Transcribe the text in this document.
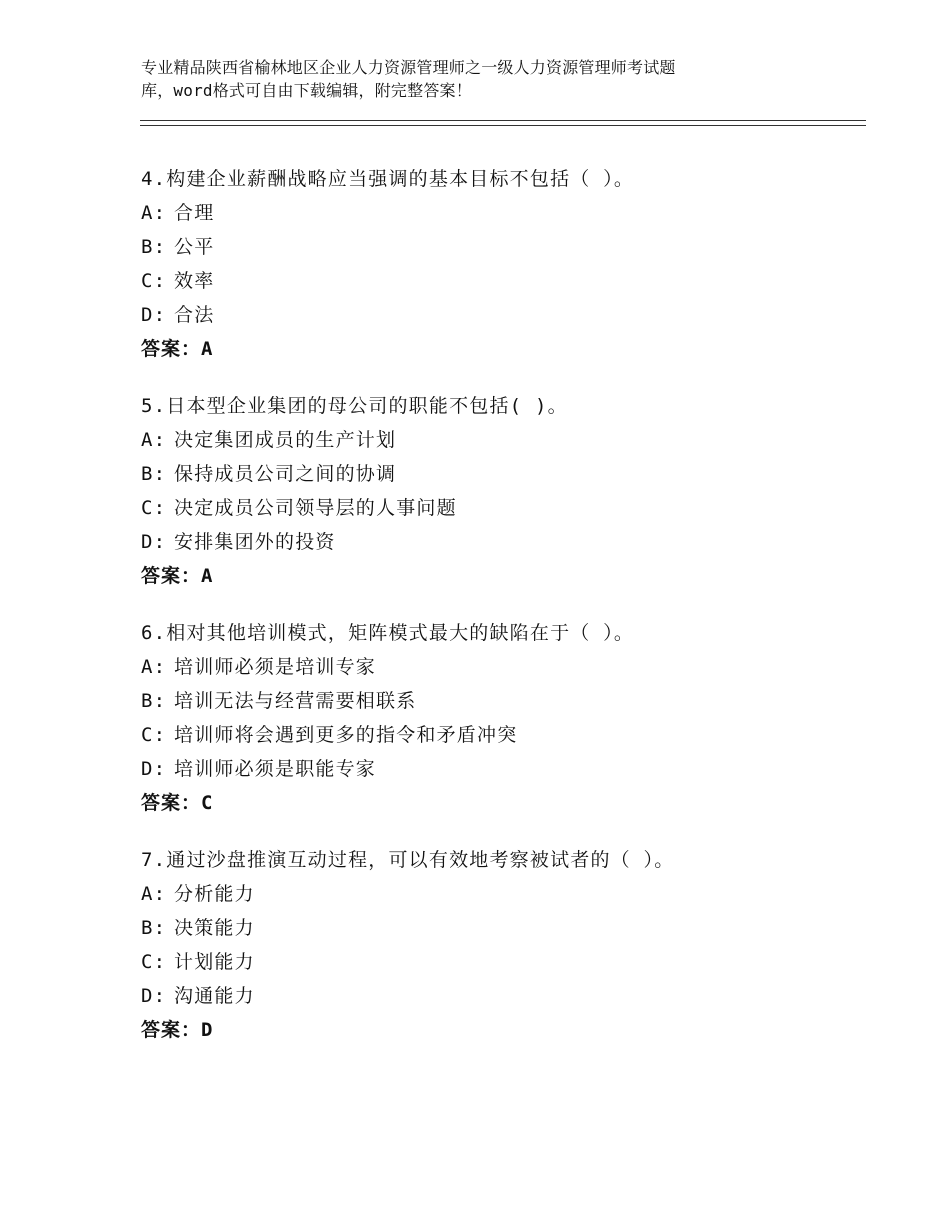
专业精品陕西省榆林地区企业人力资源管理师之一级人力资源管理师考试题
库，word格式可自由下载编辑，附完整答案！
4.构建企业薪酬战略应当强调的基本目标不包括（ ）。
A: 合理
B: 公平
C: 效率
D: 合法
答案：A
5.日本型企业集团的母公司的职能不包括( )。
A: 决定集团成员的生产计划
B: 保持成员公司之间的协调
C: 决定成员公司领导层的人事问题
D: 安排集团外的投资
答案：A
6.相对其他培训模式，矩阵模式最大的缺陷在于（ ）。
A: 培训师必须是培训专家
B: 培训无法与经营需要相联系
C: 培训师将会遇到更多的指令和矛盾冲突
D: 培训师必须是职能专家
答案：C
7.通过沙盘推演互动过程，可以有效地考察被试者的（ ）。
A: 分析能力
B: 决策能力
C: 计划能力
D: 沟通能力
答案：D
